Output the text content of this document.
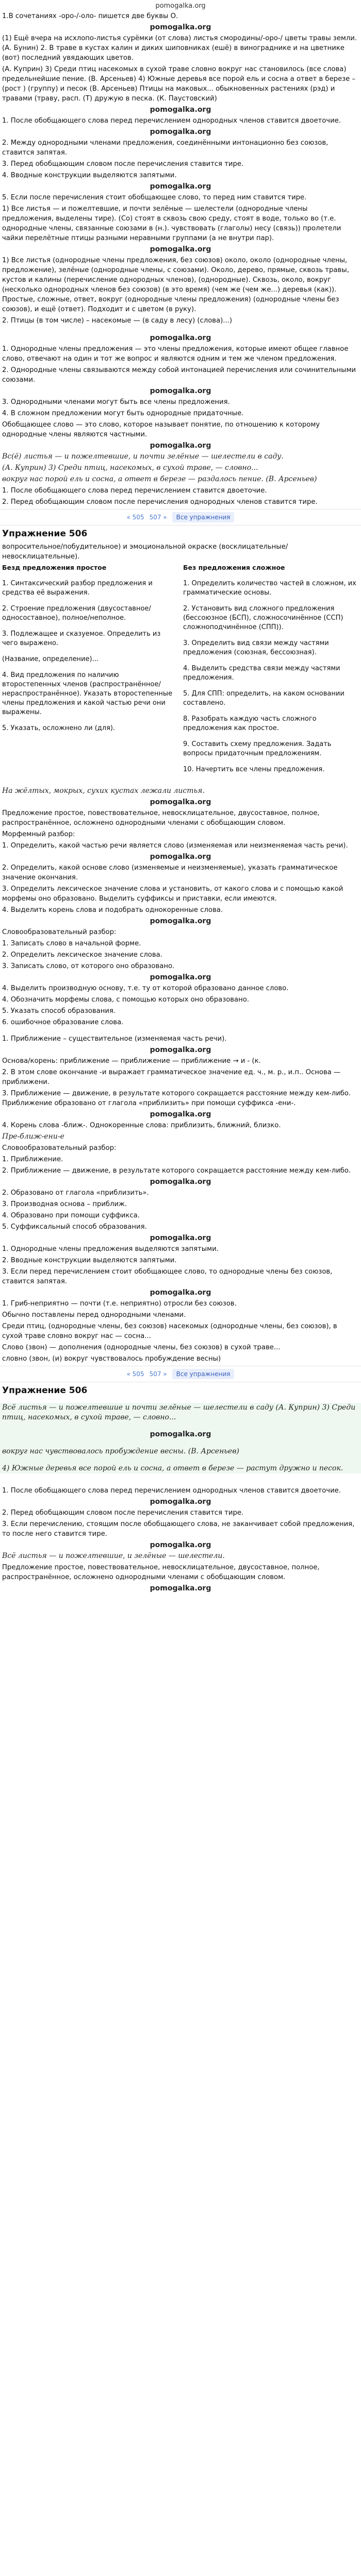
pomogalka.org

1.В сочетаниях -оро-/-оло- пишется две буквы О.

pomogalka.org

(1) Ещё вчера на исхлопо-листья сурёмки (от слова) листья смородины/-оро-/ цветы травы земли. (А. Бунин) 2. В траве в кустах калин и диких шиповниках (ешё) в винограднике и на цветнике (вот) последний увядающих цветов.

(А. Куприн) 3) Среди птиц насекомых в сухой траве словно вокруг нас становилось (все слова) предельнейшие пение. (В. Арсеньев) 4) Южные деревья все порой ель и сосна а ответ в березе – (рост ) (группу) и песок (В. Арсеньев) Птицы на маковых... обыкновенных растениях (рэд) и травами (траву, расп. (Т) дружую в песка. (К. Паустовский)

pomogalka.org

1. После обобщающего слова перед перечислением однородных членов ставится двоеточие.

pomogalka.org

2. Между однородными членами предложения, соединёнными интонационно без союзов, ставится запятая.

3. Перед обобщающим словом после перечисления ставится тире.

4. Вводные конструкции выделяются запятыми.

pomogalka.org

5. Если после перечисления стоит обобщающее слово, то перед ним ставится тире.

1) Все листья — и пожелтевшие, и почти зелёные — шелестели (однородные члены предложения, выделены тире). (Со) стоят в сквозь свою среду, стоят в воде, только во (т.е. однородные члены, связанные союзами в (н.). чувствовать (глаголы) несу (связь)) пролетели чайки перелётные птицы разными неравными группами (а не внутри пар).

pomogalka.org

1) Все листья (однородные члены предложения, без союзов) около, около (однородные члены, предложение), зелёные (однородные члены, с союзами). Около, дерево, прямые, сквозь травы, кустов и калины (перечисление однородных членов), (однородные). Сквозь, около, вокруг (несколько однородных членов без союзов) (в это время) (чем же (чем же...) деревья (как)). Простые, сложные, ответ, вокруг (однородные члены предложения) (однородные члены без союзов), и ещё (ответ). Подходит и с цветом (в руку).

2. Птицы (в том числе) – насекомые — (в саду в лесу) (слова)...)

pomogalka.org

1. Однородные члены предложения — это члены предложения, которые имеют общее главное слово, отвечают на один и тот же вопрос и являются одним и тем же членом предложения.

2. Однородные члены связываются между собой интонацией перечисления или сочинительными союзами.

pomogalka.org

3. Однородными членами могут быть все члены предложения.

4. В сложном предложении могут быть однородные придаточные.

Обобщающее слово — это слово, которое называет понятие, по отношению к которому однородные члены являются частными.

pomogalka.org

Вс(ё) листья — и пожелтевшие, и почти зелёные — шелестели в саду.

(А. Куприн) 3) Среди птиц, насекомых, в сухой траве, — словно...

вокруг нас порой ель и сосна, а ответ в березе — раздалось пение. (В. Арсеньев)

1. После обобщающего слова перед перечислением ставится двоеточие.

2. Перед обобщающим словом после перечисления однородных членов ставится тире.

« 505 507 »	Все упражнения
Упражнение 506

вопросительное/побудительное) и эмоциональной окраске (восклицательные/невосклицательные).

Безд предложения простое	Без предложения сложное

1. Синтаксический разбор предложения и средства её выражения.

2. Строение предложения (двусоставное/односоставное), полное/неполное.

3. Подлежащее и сказуемое. Определить из чего выражено.

(Название, определение)...

4. Вид предложения по наличию второстепенных членов (распространённое/нераспространённое). Указать второстепенные члены предложения и какой частью речи они выражены.

5. Указать, осложнено ли (для).

1. Определить количество частей в сложном, их грамматические основы.

2. Установить вид сложного предложения (бессоюзное (БСП), сложносочинённое (ССП) сложноподчинённое (СПП)).

3. Определить вид связи между частями предложения (союзная, бессоюзная).

4. Выделить средства связи между частями предложения.

5. Для СПП: определить, на каком основании составлено.

8. Разобрать каждую часть сложного предложения как простое.

9. Составить схему предложения. Задать вопросы придаточным предложениям.

10. Начертить все члены предложения.

На жёлтых, мокрых, сухих кустах лежали листья.

pomogalka.org

Предложение простое, повествовательное, невосклицательное, двусоставное, полное, распространённое, осложнено однородными членами с обобщающим словом.

Морфемный разбор:

1. Определить, какой частью речи является слово (изменяемая или неизменяемая часть речи).

pomogalka.org

2. Определить, какой основе слово (изменяемые и неизменяемые), указать грамматическое значение окончания.

3. Определить лексическое значение слова и установить, от какого слова и с помощью какой морфемы оно образовано. Выделить суффиксы и приставки, если имеются.

4. Выделить корень слова и подобрать однокоренные слова.

pomogalka.org

Словообразовательный разбор:

1. Записать слово в начальной форме.

2. Определить лексическое значение слова.

3. Записать слово, от которого оно образовано.

pomogalka.org

4. Выделить производную основу, т.е. ту от которой образовано данное слово.

4. Обозначить морфемы слова, с помощью которых оно образовано.

5. Указать способ образования.

6. ошибочное образование слова.

1. Приближение – существительное (изменяемая часть речи).

pomogalka.org

Основа/корень: приближение — приближение — приближение → и - (к.

2. В этом слове окончание -и выражает грамматическое значение ед. ч., м. р., и.п.. Основа — приближени.

3. Приближение — движение, в результате которого сокращается расстояние между кем-либо. Приближение образовано от глагола «приблизить» при помощи суффикса -ени-.

pomogalka.org

4. Корень слова -ближ-. Однокоренные слова: приблизить, ближний, близко.

Пре-ближ-ени-е

Словообразовательный разбор:

1. Приближение.

2. Приближение — движение, в результате которого сокращается расстояние между кем-либо.

pomogalka.org

2. Образовано от глагола «приблизить».

3. Производная основа – приближ.

4. Образовано при помощи суффикса.

5. Суффиксальный способ образования.

pomogalka.org

1. Однородные члены предложения выделяются запятыми.

2. Вводные конструкции выделяются запятыми.

3. Если перед перечислением стоит обобщающее слово, то однородные члены без союзов, ставится запятая.

pomogalka.org

1. Гриб-неприятно — почти (т.е. неприятно) отросли без союзов.

Обычно поставлены перед однородными членами.

Среди птиц, (однородные члены, без союзов) насекомых (однородные члены, без союзов), в сухой траве словно вокруг нас — сосна...

Слово (звон) — дополнения (однородные члены, без союзов) в сухой траве...

словно (звон, (и) вокруг чувствовалось пробуждение весны)

« 505 507 »	Все упражнения
Упражнение 506

Всё листья — и пожелтевшие и почти зелёные — шелестели в саду (А. Куприн) 3) Среди птиц, насекомых, в сухой траве, — словно...

pomogalka.org

вокруг нас чувствовалось пробуждение весны. (В. Арсеньев)

4) Южные деревья все порой ель и сосна, а ответ в березе — растут дружно и песок.

1. После обобщающего слова перед перечислением однородных членов ставится двоеточие.

pomogalka.org

2. Перед обобщающим словом после перечисления ставится тире.

3. Если перечислению, стоящим после обобщающего слова, не заканчивает собой предложения, то после него ставится тире.

pomogalka.org

Всё листья — и пожелтевшие, и зелёные — шелестели.

Предложение простое, повествовательное, невосклицательное, двусоставное, полное, распространённое, осложнено однородными членами с обобщающим словом.

pomogalka.org
